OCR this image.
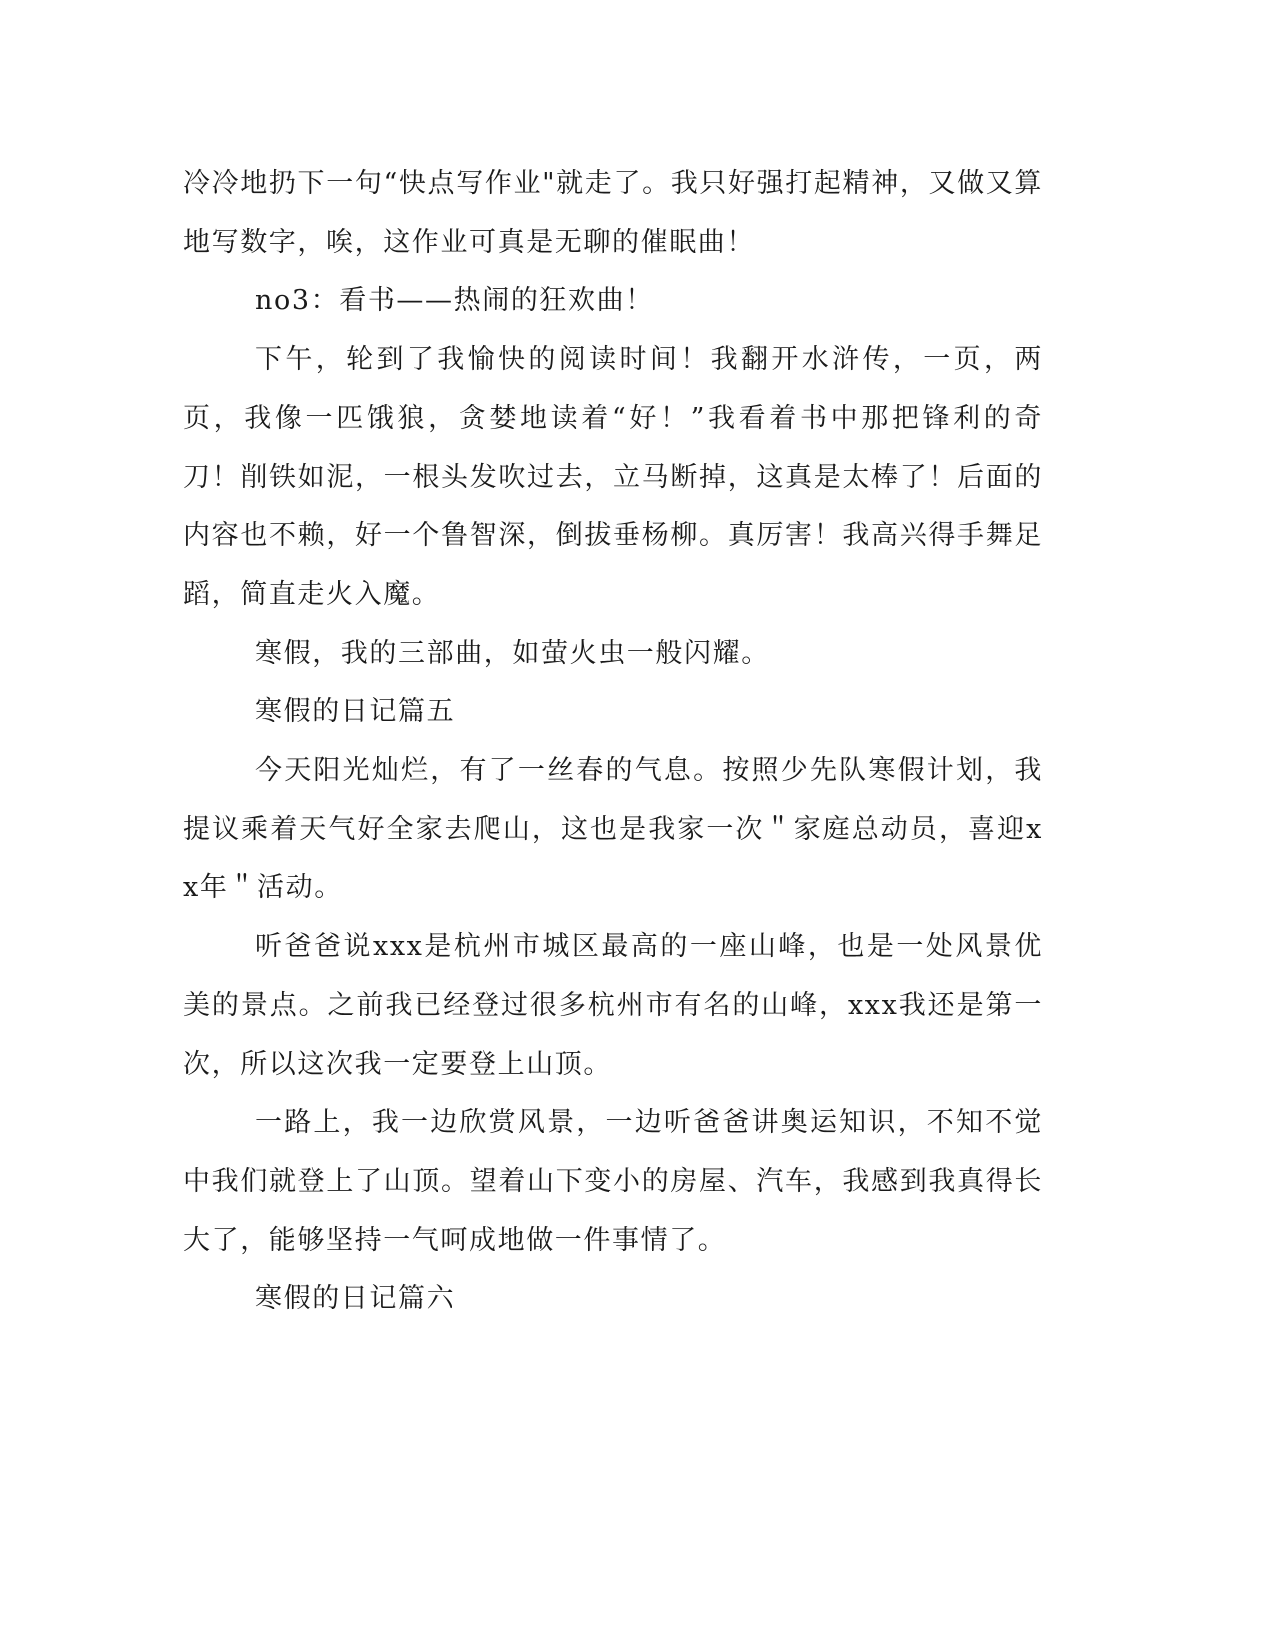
冷冷地扔下一句“快点写作业"就走了。我只好强打起精神，又做又算地写数字，唉，这作业可真是无聊的催眠曲！

no3：看书——热闹的狂欢曲！

下午，轮到了我愉快的阅读时间！我翻开水浒传，一页，两页，我像一匹饿狼，贪婪地读着“好！”我看着书中那把锋利的奇刀！削铁如泥，一根头发吹过去，立马断掉，这真是太棒了！后面的内容也不赖，好一个鲁智深，倒拔垂杨柳。真厉害！我高兴得手舞足蹈，简直走火入魔。

寒假，我的三部曲，如萤火虫一般闪耀。

寒假的日记篇五

今天阳光灿烂，有了一丝春的气息。按照少先队寒假计划，我提议乘着天气好全家去爬山，这也是我家一次＂家庭总动员，喜迎xx年＂活动。

听爸爸说xxx是杭州市城区最高的一座山峰，也是一处风景优美的景点。之前我已经登过很多杭州市有名的山峰，xxx我还是第一次，所以这次我一定要登上山顶。

一路上，我一边欣赏风景，一边听爸爸讲奥运知识，不知不觉中我们就登上了山顶。望着山下变小的房屋、汽车，我感到我真得长大了，能够坚持一气呵成地做一件事情了。

寒假的日记篇六
